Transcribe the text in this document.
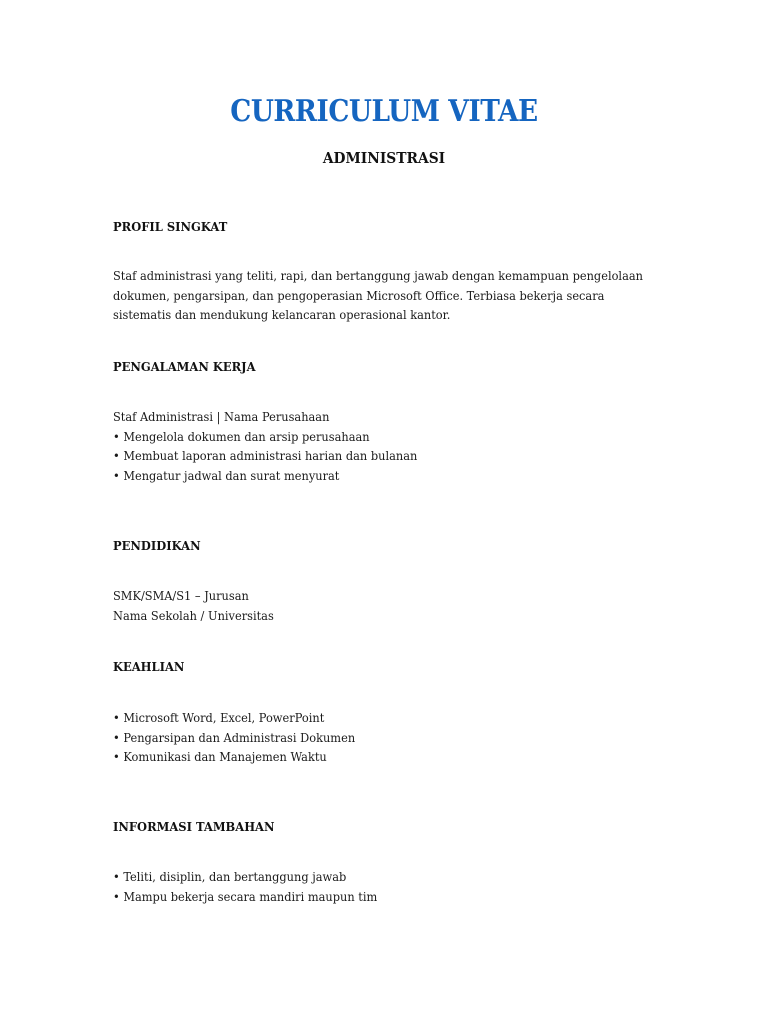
CURRICULUM VITAE
ADMINISTRASI
PROFIL SINGKAT
Staf administrasi yang teliti, rapi, dan bertanggung jawab dengan kemampuan pengelolaan
dokumen, pengarsipan, dan pengoperasian Microsoft Office. Terbiasa bekerja secara
sistematis dan mendukung kelancaran operasional kantor.
PENGALAMAN KERJA
Staf Administrasi | Nama Perusahaan
• Mengelola dokumen dan arsip perusahaan
• Membuat laporan administrasi harian dan bulanan
• Mengatur jadwal dan surat menyurat
PENDIDIKAN
SMK/SMA/S1 – Jurusan
Nama Sekolah / Universitas
KEAHLIAN
• Microsoft Word, Excel, PowerPoint
• Pengarsipan dan Administrasi Dokumen
• Komunikasi dan Manajemen Waktu
INFORMASI TAMBAHAN
• Teliti, disiplin, dan bertanggung jawab
• Mampu bekerja secara mandiri maupun tim
